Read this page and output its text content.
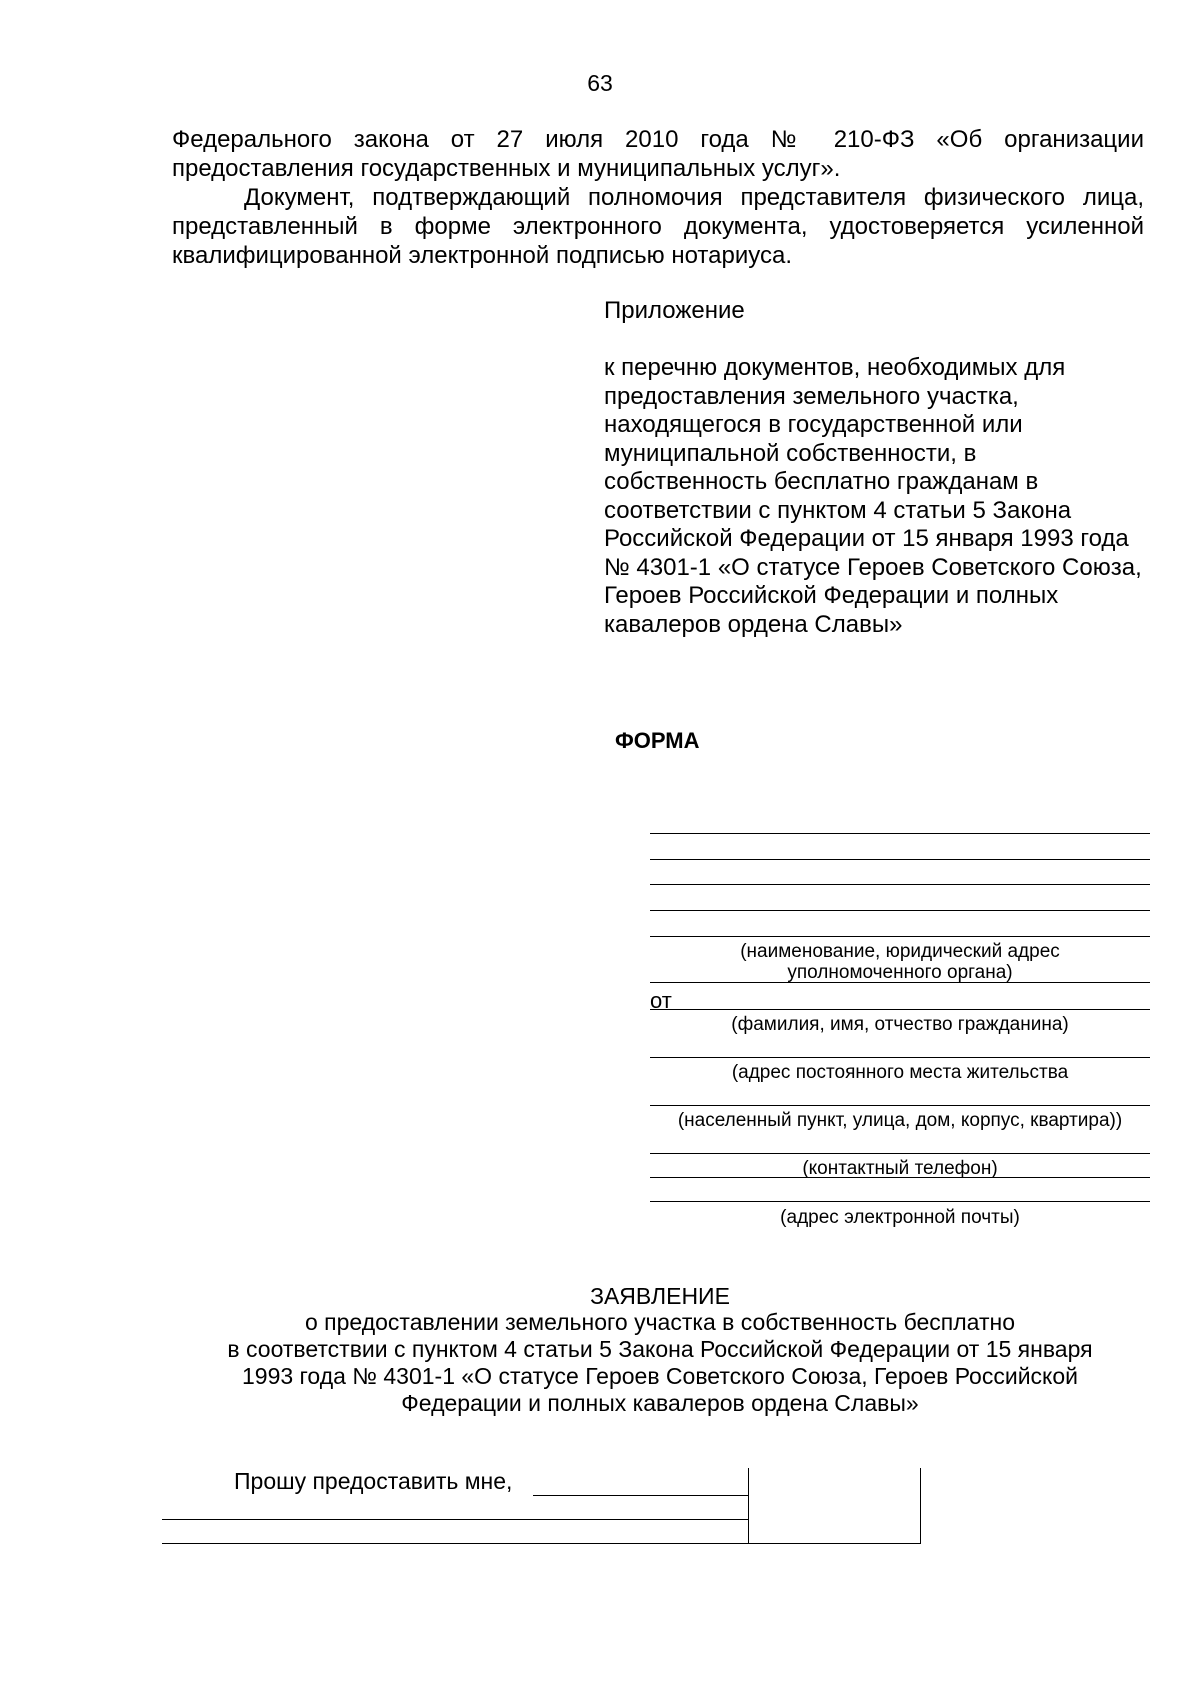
63
Федерального закона от 27 июля 2010 года № 210-ФЗ «Об организации предоставления государственных и муниципальных услуг».
Документ, подтверждающий полномочия представителя физического лица, представленный в форме электронного документа, удостоверяется усиленной квалифицированной электронной подписью нотариуса.
Приложение
к перечню документов, необходимых для предоставления земельного участка, находящегося в государственной или муниципальной собственности, в собственность бесплатно гражданам в соответствии с пунктом 4 статьи 5 Закона Российской Федерации от 15 января 1993 года № 4301-1 «О статусе Героев Советского Союза, Героев Российской Федерации и полных кавалеров ордена Славы»
ФОРМА
(наименование, юридический адрес уполномоченного органа)
от
(фамилия, имя, отчество гражданина)
(адрес постоянного места жительства
(населенный пункт, улица, дом, корпус, квартира))
(контактный телефон)
(адрес электронной почты)
ЗАЯВЛЕНИЕ
о предоставлении земельного участка в собственность бесплатно
в соответствии с пунктом 4 статьи 5 Закона Российской Федерации от 15 января
1993 года № 4301-1 «О статусе Героев Советского Союза, Героев Российской
Федерации и полных кавалеров ордена Славы»
Прошу предоставить мне,
